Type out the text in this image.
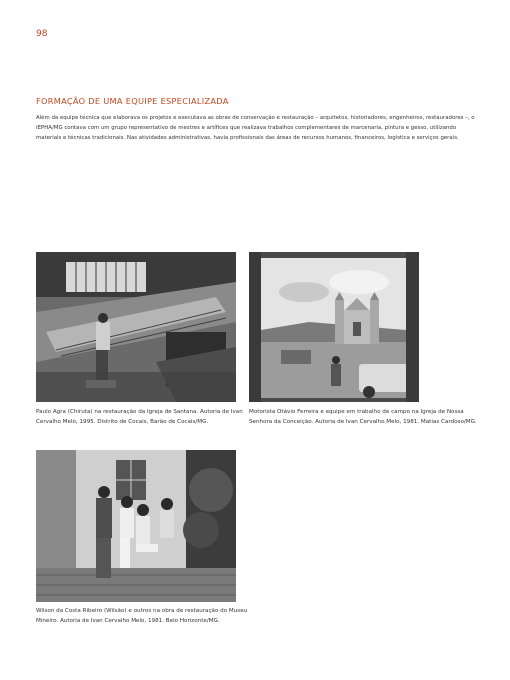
98
FORMAÇÃO DE UMA EQUIPE ESPECIALIZADA
Além da equipe técnica que elaborava os projetos e executava as obras de conservação e restauração – arquitetos, historiadores, engenheiros, restauradores –, o IEPHA/MG contava com um grupo representativo de mestres e artífices que realizava trabalhos complementares de marcenaria, pintura e gesso, utilizando materiais e técnicas tradicionais. Nas atividades administrativas, havia profissionais das áreas de recursos humanos, financeiros, logística e serviços gerais.
Paulo Agra (Chiruta) na restauração da Igreja de Santana. Autoria de Ivan Cervalho Melo, 1995. Distrito de Cocais, Barão de Cocais/MG.
Motorista Otávio Ferreira e equipe em trabalho de campo na Igreja de Nossa Senhora da Conceição. Autoria de Ivan Cervalho Melo, 1981. Matias Cardoso/MG.
Wilson da Costa Ribeiro (Wilsão) e outros na obra de restauração do Museu Mineiro. Autoria de Ivan Cervalho Melo, 1981. Belo Horizonte/MG.
